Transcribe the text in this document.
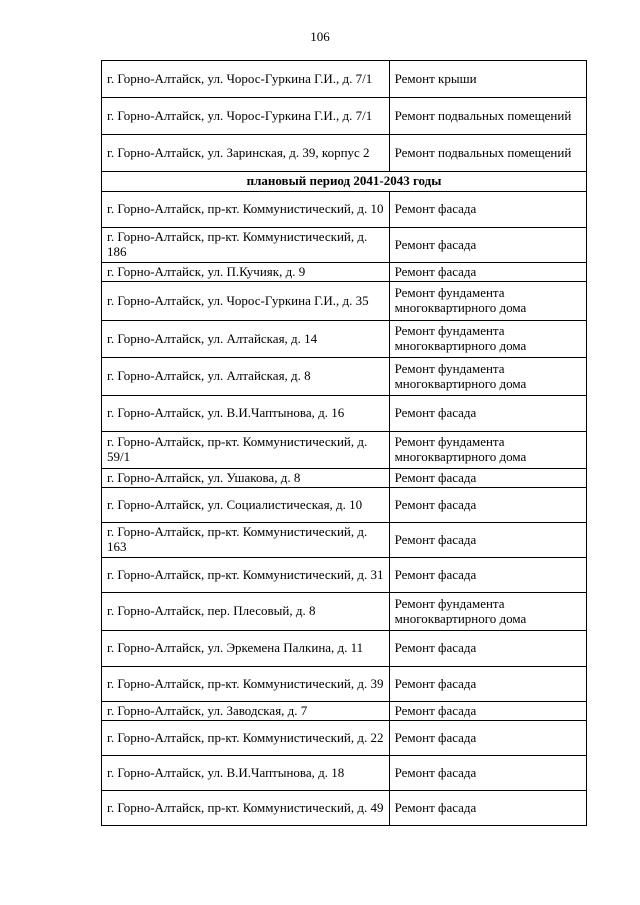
106
г. Горно-Алтайск, ул. Чорос-Гуркина Г.И., д. 7/1	Ремонт крыши
г. Горно-Алтайск, ул. Чорос-Гуркина Г.И., д. 7/1	Ремонт подвальных помещений
г. Горно-Алтайск, ул. Заринская, д. 39, корпус 2	Ремонт подвальных помещений
плановый период 2041-2043 годы	
г. Горно-Алтайск, пр-кт. Коммунистический, д. 10	Ремонт фасада
г. Горно-Алтайск, пр-кт. Коммунистический, д. 186	Ремонт фасада
г. Горно-Алтайск, ул. П.Кучияк, д. 9	Ремонт фасада
г. Горно-Алтайск, ул. Чорос-Гуркина Г.И., д. 35	Ремонт фундамента многоквартирного дома
г. Горно-Алтайск, ул. Алтайская, д. 14	Ремонт фундамента многоквартирного дома
г. Горно-Алтайск, ул. Алтайская, д. 8	Ремонт фундамента многоквартирного дома
г. Горно-Алтайск, ул. В.И.Чаптынова, д. 16	Ремонт фасада
г. Горно-Алтайск, пр-кт. Коммунистический, д. 59/1	Ремонт фундамента многоквартирного дома
г. Горно-Алтайск, ул. Ушакова, д. 8	Ремонт фасада
г. Горно-Алтайск, ул. Социалистическая, д. 10	Ремонт фасада
г. Горно-Алтайск, пр-кт. Коммунистический, д. 163	Ремонт фасада
г. Горно-Алтайск, пр-кт. Коммунистический, д. 31	Ремонт фасада
г. Горно-Алтайск, пер. Плесовый, д. 8	Ремонт фундамента многоквартирного дома
г. Горно-Алтайск, ул. Эркемена Палкина, д. 11	Ремонт фасада
г. Горно-Алтайск, пр-кт. Коммунистический, д. 39	Ремонт фасада
г. Горно-Алтайск, ул. Заводская, д. 7	Ремонт фасада
г. Горно-Алтайск, пр-кт. Коммунистический, д. 22	Ремонт фасада
г. Горно-Алтайск, ул. В.И.Чаптынова, д. 18	Ремонт фасада
г. Горно-Алтайск, пр-кт. Коммунистический, д. 49	Ремонт фасада
